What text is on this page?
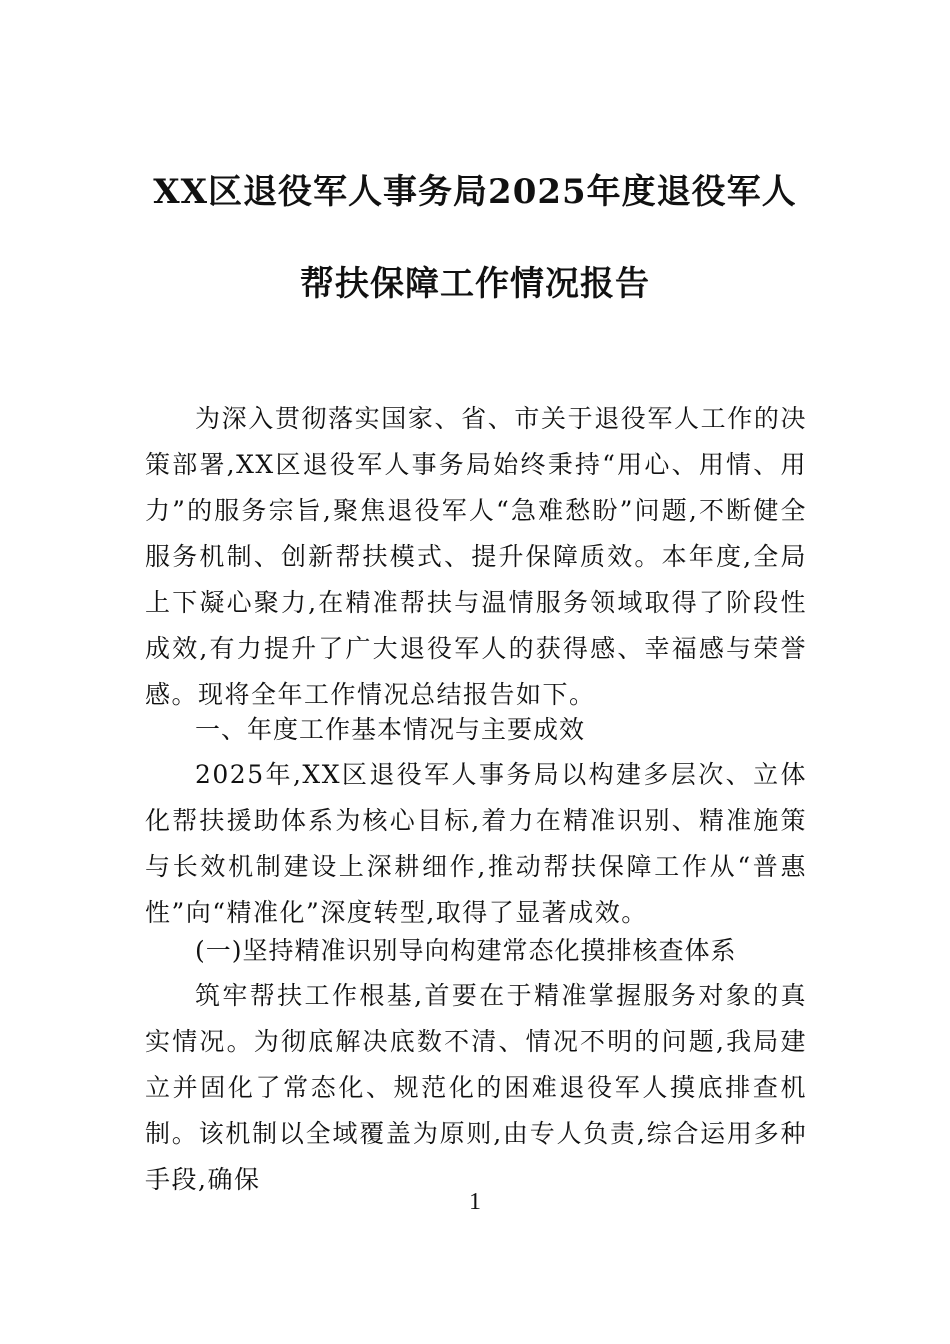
XX区退役军人事务局2025年度退役军人
帮扶保障工作情况报告
为深入贯彻落实国家、省、市关于退役军人工作的决策部署,XX区退役军人事务局始终秉持“用心、用情、用力”的服务宗旨,聚焦退役军人“急难愁盼”问题,不断健全服务机制、创新帮扶模式、提升保障质效。本年度,全局上下凝心聚力,在精准帮扶与温情服务领域取得了阶段性成效,有力提升了广大退役军人的获得感、幸福感与荣誉感。现将全年工作情况总结报告如下。
一、年度工作基本情况与主要成效
2025年,XX区退役军人事务局以构建多层次、立体化帮扶援助体系为核心目标,着力在精准识别、精准施策与长效机制建设上深耕细作,推动帮扶保障工作从“普惠性”向“精准化”深度转型,取得了显著成效。
(一)坚持精准识别导向构建常态化摸排核查体系
筑牢帮扶工作根基,首要在于精准掌握服务对象的真实情况。为彻底解决底数不清、情况不明的问题,我局建立并固化了常态化、规范化的困难退役军人摸底排查机制。该机制以全域覆盖为原则,由专人负责,综合运用多种手段,确保
1
